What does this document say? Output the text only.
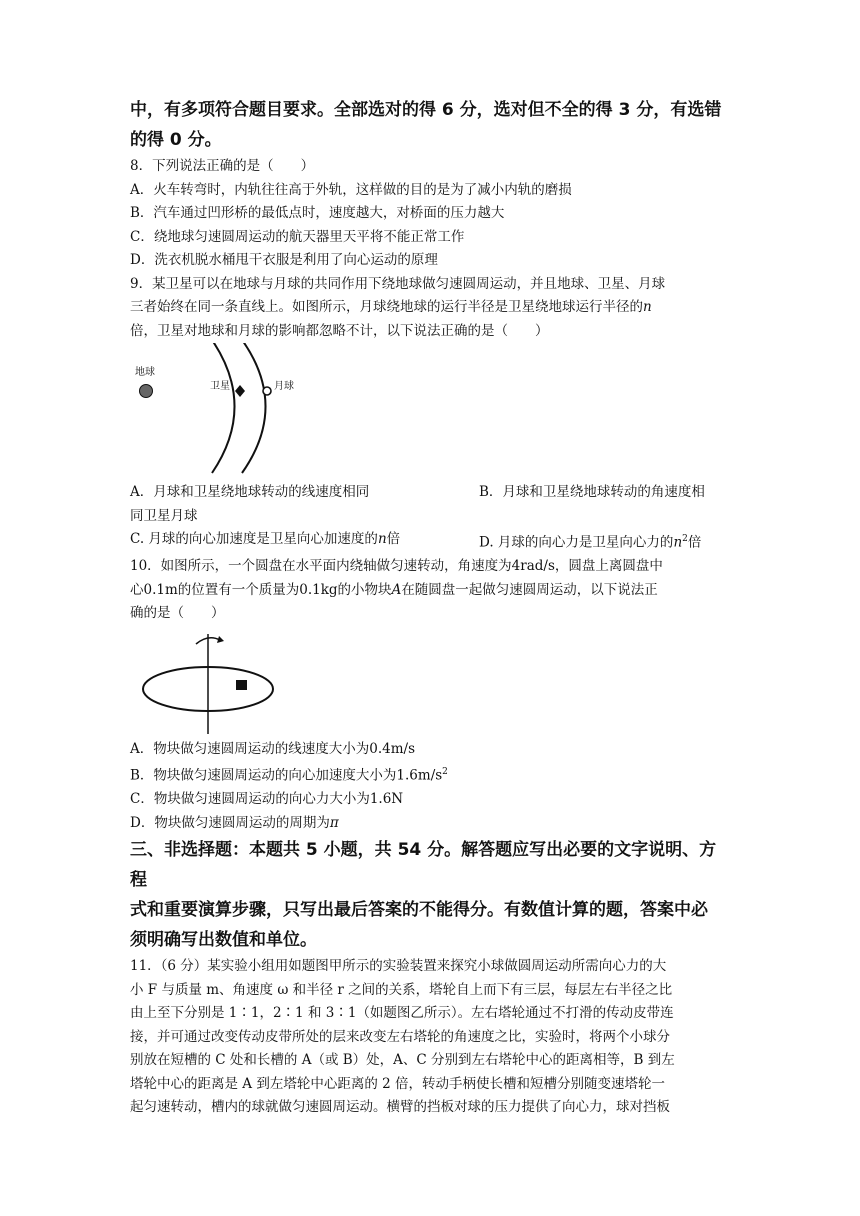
中，有多项符合题目要求。全部选对的得 6 分，选对但不全的得 3 分，有选错
的得 0 分。
8．下列说法正确的是（　　）
A．火车转弯时，内轨往往高于外轨，这样做的目的是为了减小内轨的磨损
B．汽车通过凹形桥的最低点时，速度越大，对桥面的压力越大
C．绕地球匀速圆周运动的航天器里天平将不能正常工作
D．洗衣机脱水桶甩干衣服是利用了向心运动的原理
9．某卫星可以在地球与月球的共同作用下绕地球做匀速圆周运动，并且地球、卫星、月球
三者始终在同一条直线上。如图所示，月球绕地球的运行半径是卫星绕地球运行半径的n
倍，卫星对地球和月球的影响都忽略不计，以下说法正确的是（　　）
地球
卫星	月球
A．月球和卫星绕地球转动的线速度相同	B．月球和卫星绕地球转动的角速度相
同卫星月球
C. 月球的向心加速度是卫星向心加速度的n倍	D. 月球的向心力是卫星向心力的$n^2$倍
10．如图所示，一个圆盘在水平面内绕轴做匀速转动，角速度为4rad/s，圆盘上离圆盘中
心0.1m的位置有一个质量为0.1kg的小物块A在随圆盘一起做匀速圆周运动，以下说法正
确的是（　　）
A．物块做匀速圆周运动的线速度大小为0.4m/s
B．物块做匀速圆周运动的向心加速度大小为$1.6m/s^2$
C．物块做匀速圆周运动的向心力大小为1.6N
D．物块做匀速圆周运动的周期为π
三、非选择题：本题共 5 小题，共 54 分。解答题应写出必要的文字说明、方程
式和重要演算步骤，只写出最后答案的不能得分。有数值计算的题，答案中必
须明确写出数值和单位。
11．（6 分）某实验小组用如题图甲所示的实验装置来探究小球做圆周运动所需向心力的大
小 F 与质量 m、角速度 ω 和半径 r 之间的关系，塔轮自上而下有三层，每层左右半径之比
由上至下分别是 1∶1，2∶1 和 3∶1（如题图乙所示）。左右塔轮通过不打滑的传动皮带连
接，并可通过改变传动皮带所处的层来改变左右塔轮的角速度之比，实验时，将两个小球分
别放在短槽的 C 处和长槽的 A（或 B）处，A、C 分别到左右塔轮中心的距离相等，B 到左
塔轮中心的距离是 A 到左塔轮中心距离的 2 倍，转动手柄使长槽和短槽分别随变速塔轮一
起匀速转动，槽内的球就做匀速圆周运动。横臂的挡板对球的压力提供了向心力，球对挡板
